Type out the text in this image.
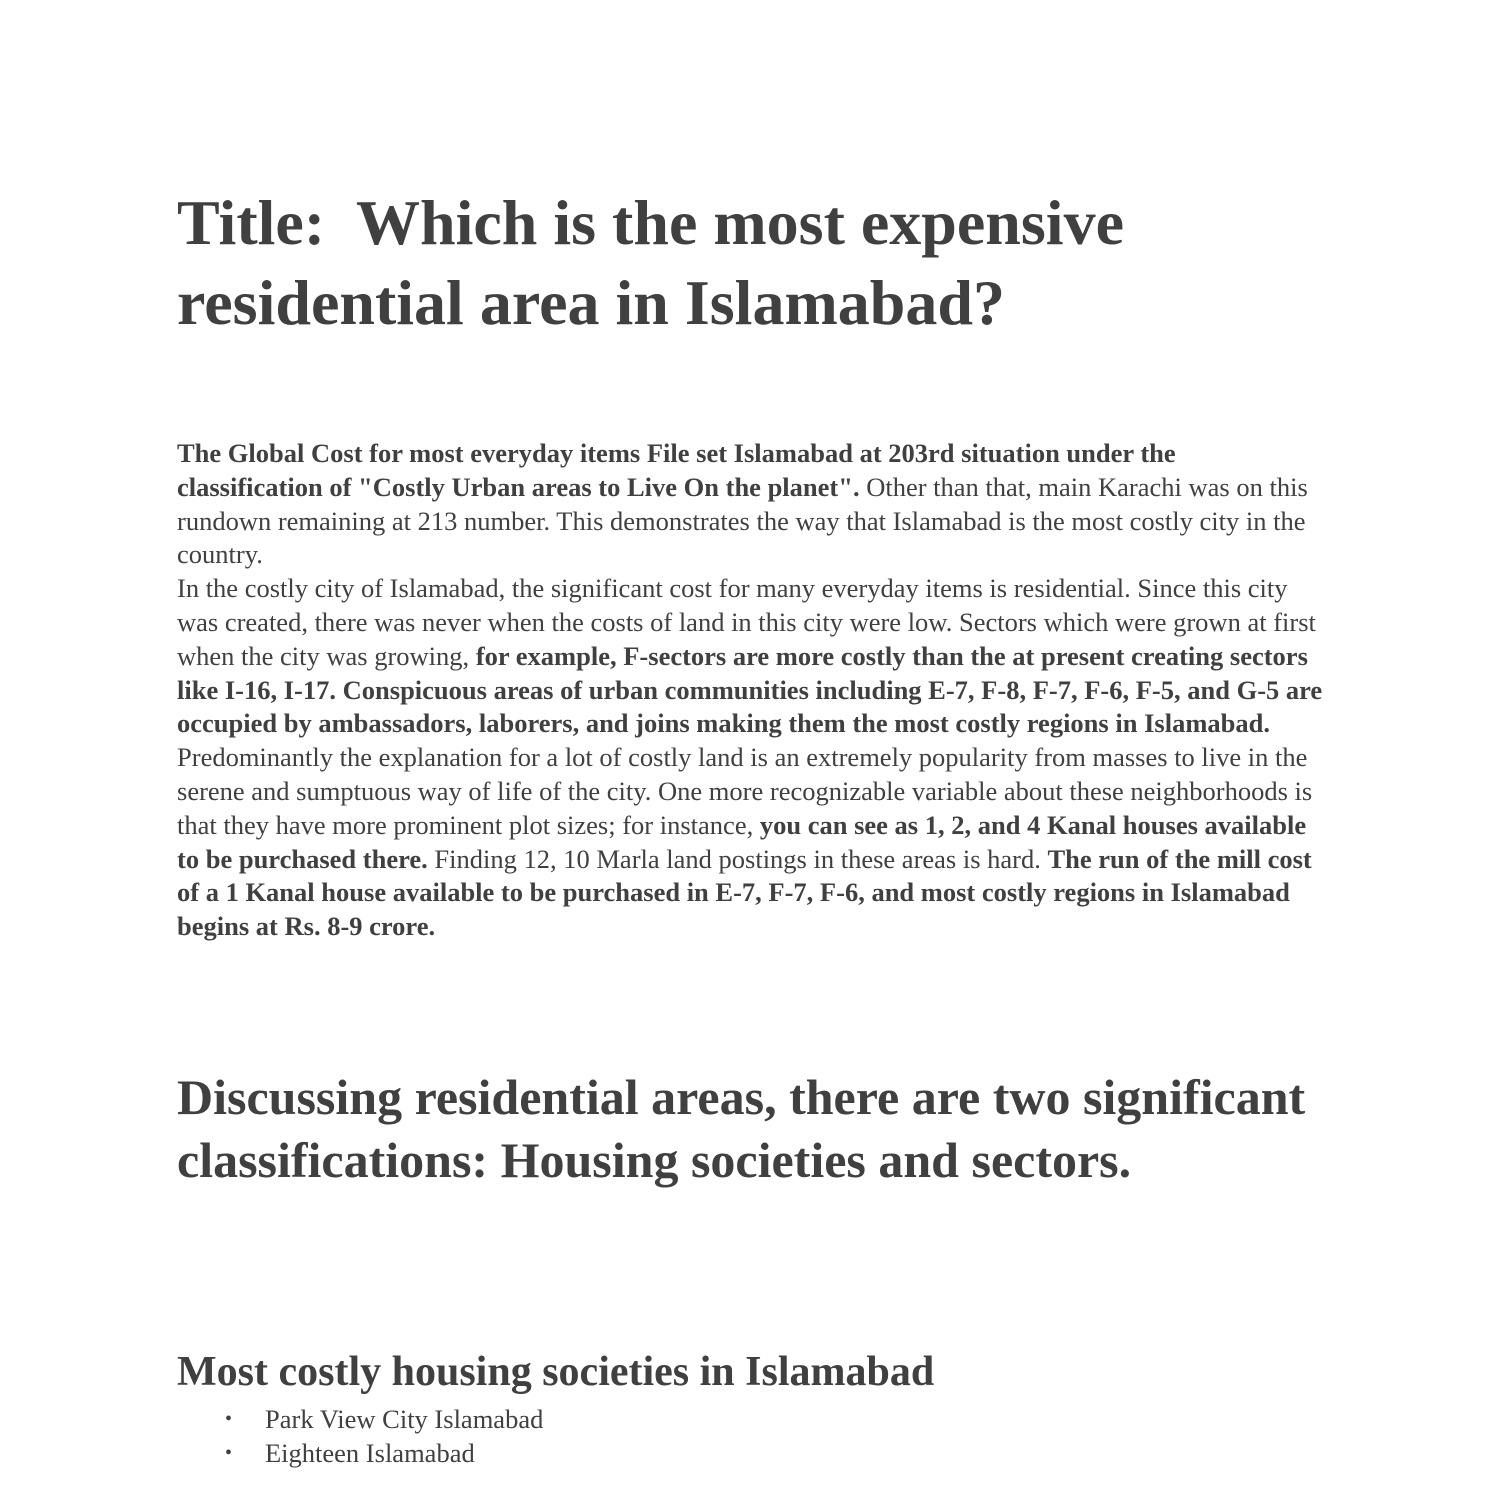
Title:  Which is the most expensive residential area in Islamabad?

The Global Cost for most everyday items File set Islamabad at 203rd situation under the classification of "Costly Urban areas to Live On the planet". Other than that, main Karachi was on this rundown remaining at 213 number. This demonstrates the way that Islamabad is the most costly city in the country.

In the costly city of Islamabad, the significant cost for many everyday items is residential. Since this city was created, there was never when the costs of land in this city were low. Sectors which were grown at first when the city was growing, for example, F-sectors are more costly than the at present creating sectors like I-16, I-17. Conspicuous areas of urban communities including E-7, F-8, F-7, F-6, F-5, and G-5 are occupied by ambassadors, laborers, and joins making them the most costly regions in Islamabad. Predominantly the explanation for a lot of costly land is an extremely popularity from masses to live in the serene and sumptuous way of life of the city. One more recognizable variable about these neighborhoods is that they have more prominent plot sizes; for instance, you can see as 1, 2, and 4 Kanal houses available to be purchased there. Finding 12, 10 Marla land postings in these areas is hard. The run of the mill cost of a 1 Kanal house available to be purchased in E-7, F-7, F-6, and most costly regions in Islamabad begins at Rs. 8-9 crore.

Discussing residential areas, there are two significant classifications: Housing societies and sectors.
Most costly housing societies in Islamabad
• Park View City Islamabad
• Eighteen Islamabad
